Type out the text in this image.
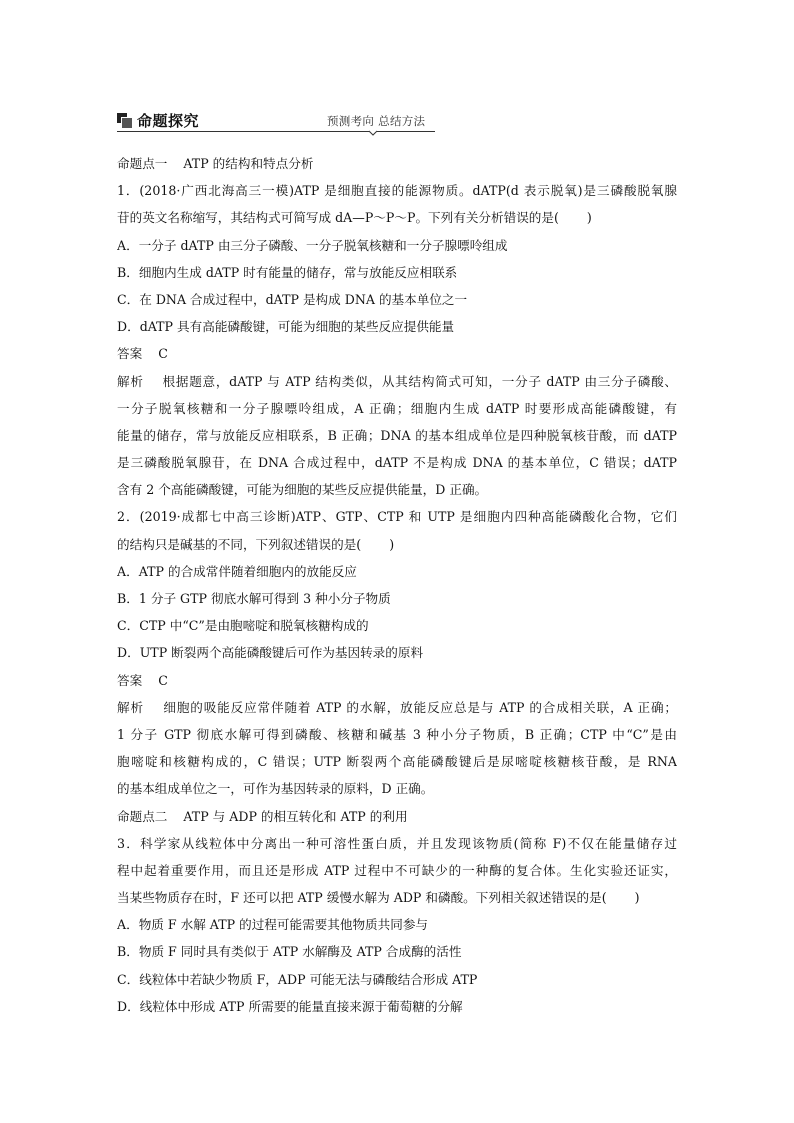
命题探究	预测考向 总结方法
命题点一    ATP 的结构和特点分析
1．(2018·广西北海高三一模)ATP 是细胞直接的能源物质。dATP(d 表示脱氧)是三磷酸脱氧腺
苷的英文名称缩写，其结构式可简写成 dA—P～P～P。下列有关分析错误的是(       )
A．一分子 dATP 由三分子磷酸、一分子脱氧核糖和一分子腺嘌呤组成
B．细胞内生成 dATP 时有能量的储存，常与放能反应相联系
C．在 DNA 合成过程中，dATP 是构成 DNA 的基本单位之一
D．dATP 具有高能磷酸键，可能为细胞的某些反应提供能量
答案    C
解析    根据题意，dATP 与 ATP 结构类似，从其结构简式可知，一分子 dATP 由三分子磷酸、
一分子脱氧核糖和一分子腺嘌呤组成，A 正确；细胞内生成 dATP 时要形成高能磷酸键，有
能量的储存，常与放能反应相联系，B 正确；DNA 的基本组成单位是四种脱氧核苷酸，而 dATP
是三磷酸脱氧腺苷，在 DNA 合成过程中，dATP 不是构成 DNA 的基本单位，C 错误；dATP
含有 2 个高能磷酸键，可能为细胞的某些反应提供能量，D 正确。
2．(2019·成都七中高三诊断)ATP、GTP、CTP 和 UTP 是细胞内四种高能磷酸化合物，它们
的结构只是碱基的不同，下列叙述错误的是(       )
A．ATP 的合成常伴随着细胞内的放能反应
B．1 分子 GTP 彻底水解可得到 3 种小分子物质
C．CTP 中“C”是由胞嘧啶和脱氧核糖构成的
D．UTP 断裂两个高能磷酸键后可作为基因转录的原料
答案    C
解析    细胞的吸能反应常伴随着 ATP 的水解，放能反应总是与 ATP 的合成相关联，A 正确；
1 分子 GTP 彻底水解可得到磷酸、核糖和碱基 3 种小分子物质，B 正确；CTP 中“C”是由
胞嘧啶和核糖构成的，C 错误；UTP 断裂两个高能磷酸键后是尿嘧啶核糖核苷酸，是 RNA
的基本组成单位之一，可作为基因转录的原料，D 正确。
命题点二    ATP 与 ADP 的相互转化和 ATP 的利用
3．科学家从线粒体中分离出一种可溶性蛋白质，并且发现该物质(简称 F)不仅在能量储存过
程中起着重要作用，而且还是形成 ATP 过程中不可缺少的一种酶的复合体。生化实验还证实，
当某些物质存在时，F 还可以把 ATP 缓慢水解为 ADP 和磷酸。下列相关叙述错误的是(       )
A．物质 F 水解 ATP 的过程可能需要其他物质共同参与
B．物质 F 同时具有类似于 ATP 水解酶及 ATP 合成酶的活性
C．线粒体中若缺少物质 F，ADP 可能无法与磷酸结合形成 ATP
D．线粒体中形成 ATP 所需要的能量直接来源于葡萄糖的分解
